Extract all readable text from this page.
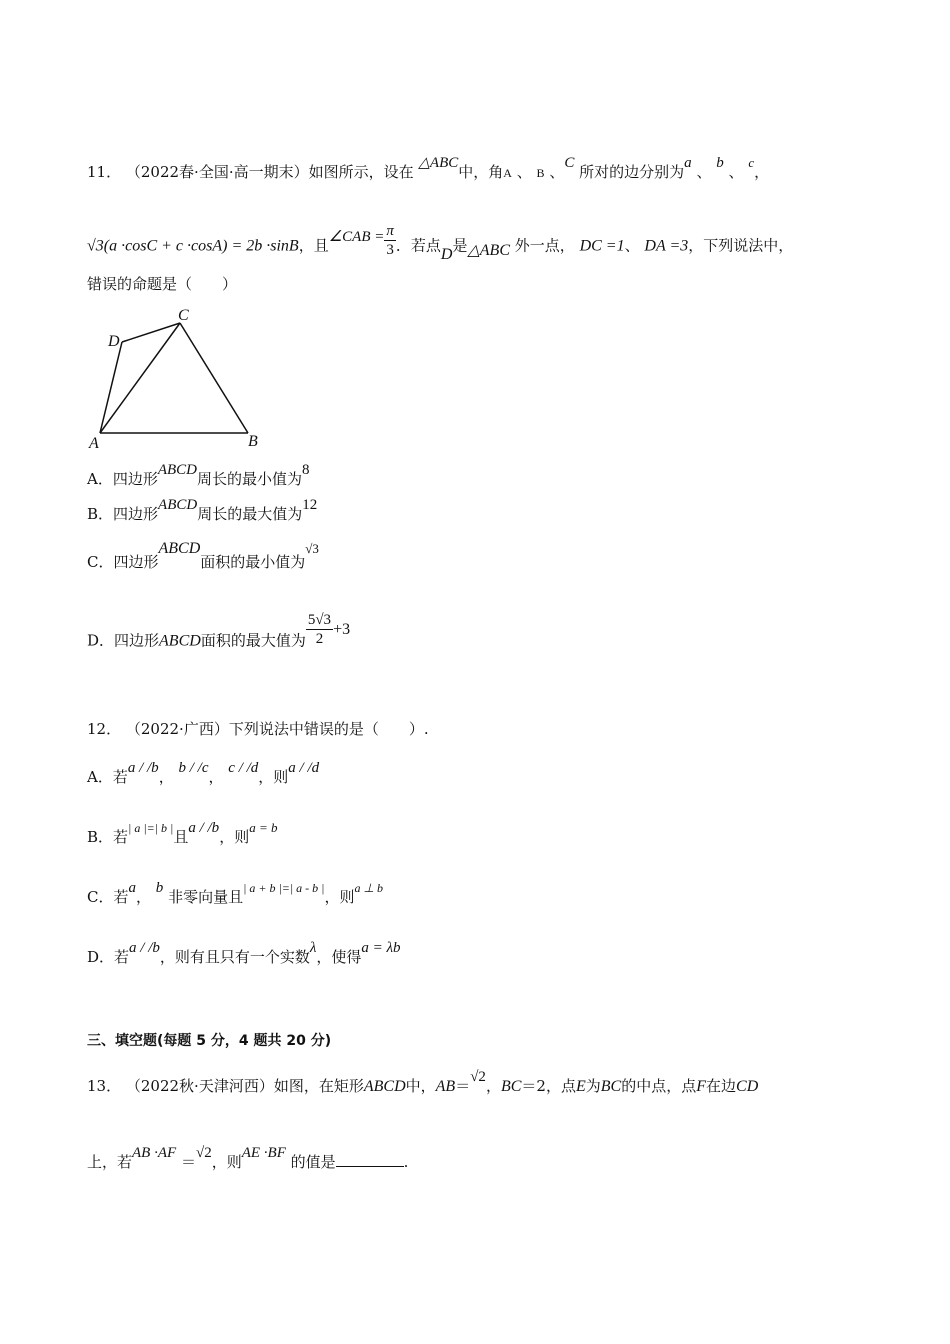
11． （2022春·全国·高一期末）如图所示，设在 △ABC中，角A 、 B 、C 所对的边分别为a 、 b 、 c，
√3(a ·cosC + c ·cosA) = 2b ·sinB，且∠CAB = $\frac{\pi}{3}$ ．若点D是△ABC 外一点， DC =1、 DA =3，下列说法中，
错误的命题是（　　）
A	B
C
D
A．四边形ABCD周长的最小值为8
B．四边形ABCD周长的最大值为12
C．四边形ABCD面积的最小值为√3
D．四边形ABCD面积的最大值为 $\frac{5√3}{2} +3$
12． （2022·广西）下列说法中错误的是（　　）.
A．若a / /b， b / /c， c / /d，则a / /d
B．若$^{| a |=| b |}$且a / /b，则a = b
C．若a， b 非零向量且$^{| a + b |=| a - b |}$，则$^{a \perp b}$
D．若a / /b，则有且只有一个实数λ，使得a = λb
三、填空题(每题 5 分，4 题共 20 分)
13． （2022秋·天津河西）如图，在矩形ABCD中，AB＝√2，BC＝2，点E为BC的中点，点F在边CD
上，若AB ·AF ＝√2，则AE ·BF 的值是	.
